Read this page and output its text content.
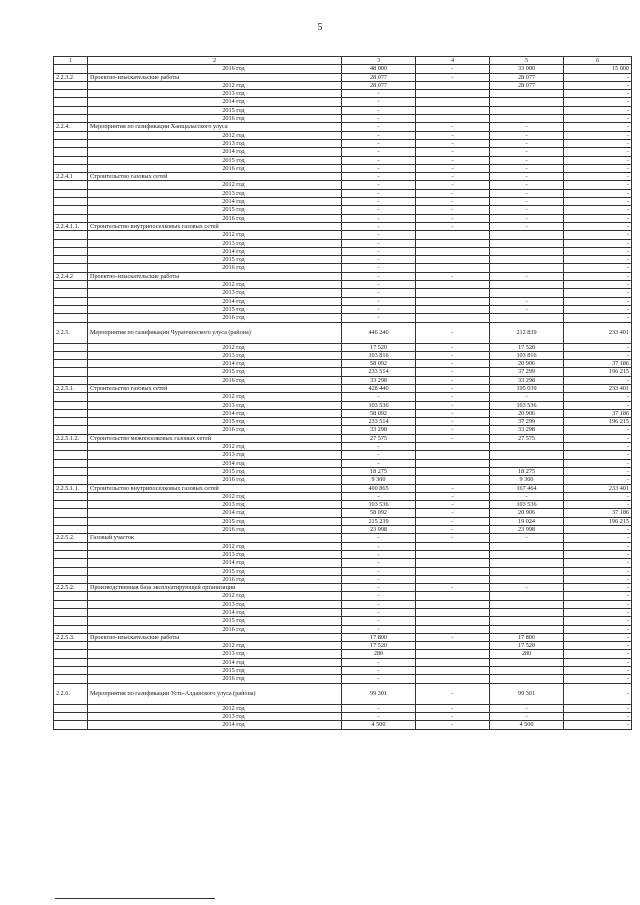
5
1	2	3	4	5	6
	2016 год	48 000	-	33 000	15 000
2.2.3.2	Проектно-изыскательские работы	28 077	-	28 077	-
	2012 год	28 077		28 077	-
	2013 год	-			-
	2014 год	-			-
	2015 год	-			-
	2016 год	-			-
2.2.4.	Мероприятия по газификации Ханщаласского улуса	-	-	-	-
	2012 год	-	-	-	-
	2013 год	-	-	-	-
	2014 год	-	-	-	-
	2015 год	-	-	-	-
	2016 год	-	-	-	-
2.2.4.1	Строительство газовых сетей	-	-	-	-
	2012 год	-	-	-	-
	2013 год	-	-	-	-
	2014 год	-	-	-	-
	2015 год	-	-	-	-
	2016 год	-	-	-	-
2.2.4.1.1.	Строительство внутрипоселковых газовых сетей	-	-	-	-
	2012 год	-			-
	2013 год	-			-
	2014 год	-			-
	2015 год	-			-
	2016 год	-			-
2.2.4.2	Проектно-изыскательские работы	-	-	-	-
	2012 год	-			-
	2013 год	-			-
	2014 год	-		-	-
	2015 год	-		-	-
	2016 год	-			-
2.2.5.	Мероприятия по газификации Чурапчинского улуса (района)	446 240	-	212 839	233 401
	2012 год	17 520	-	17 520	-
	2013 год	103 816	-	103 816	-
	2014 год	58 092	-	20 906	37 186
	2015 год	233 514	-	37 299	196 215
	2016 год	33 298	-	33 298	-
2.2.5.1.	Строительство газовых сетей	428 440	-	195 039	233 401
	2012 год	-	-	-	-
	2013 год	103 536	-	103 536	-
	2014 год	58 092	-	20 906	37 186
	2015 год	233 514	-	37 299	196 215
	2016 год	33 298	-	33 298	-
2.2.5.1.2.	Строительство межпоселковых газовых сетей	27 575	-	27 575	-
	2012 год	-			-
	2013 год	-			-
	2014 год	-			-
	2015 год	18 275		18 275	-
	2016 год	9 300		9 300	-
2.2.5.1.1.	Строительство внутрипоселковых газовых сетей	400 865	-	167 464	233 401
	2012 год	-	-	-	-
	2013 год	103 536	-	103 536	-
	2014 год	58 092	-	20 906	37 186
	2015 год	215 239	-	19 024	196 215
	2016 год	23 998	-	23 998	-
2.2.5.2.	Газовый участок	-	-	-	-
	2012 год	-			-
	2013 год	-			-
	2014 год	-			-
	2015 год	-			-
	2016 год	-			-
2.2.5.2.	Производственная база эксплуатирующей организации	-	-	-	-
	2012 год	-			-
	2013 год	-			-
	2014 год	-			-
	2015 год	-			-
	2016 год	-			-
2.2.5.3.	Проектно-изыскательские работы	17 800	-	17 800	-
	2012 год	17 520		17 520	-
	2013 год	280		280	-
	2014 год	-			-
	2015 год	-			-
	2016 год	-			-
2.2.6.	Мероприятия по газификации Усть-Алданского улуса (района)	99 301	-	99 301	-
	2012 год	-	-	-	-
	2013 год	-	-	-	-
	2014 год	4 500	-	4 500	-
